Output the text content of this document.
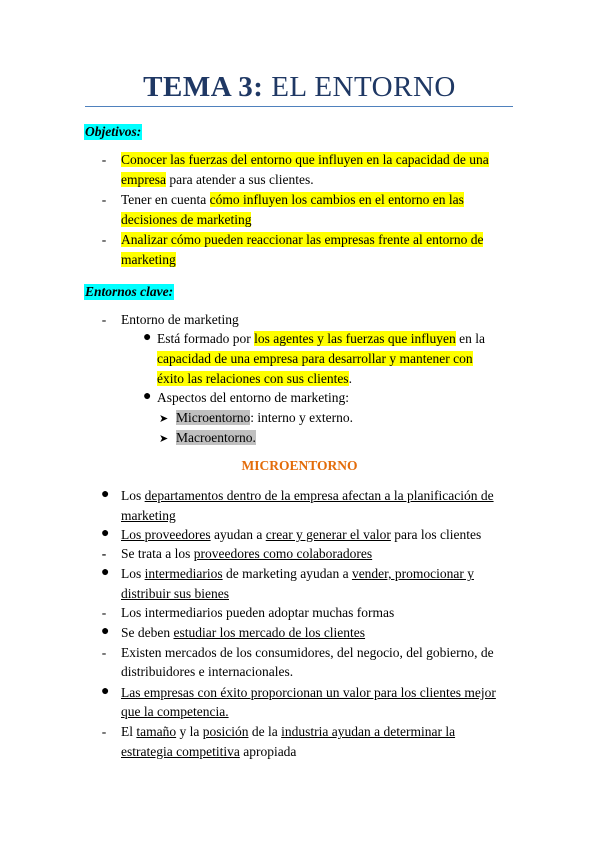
TEMA 3: EL ENTORNO
Objetivos:
- Conocer las fuerzas del entorno que influyen en la capacidad de una
empresa para atender a sus clientes.
- Tener en cuenta cómo influyen los cambios en el entorno en las
decisiones de marketing
- Analizar cómo pueden reaccionar las empresas frente al entorno de
marketing
Entornos clave:
- Entorno de marketing
● Está formado por los agentes y las fuerzas que influyen en la
capacidad de una empresa para desarrollar y mantener con
éxito las relaciones con sus clientes.
● Aspectos del entorno de marketing:
➤ Microentorno: interno y externo.
➤ Macroentorno.
MICROENTORNO
● Los departamentos dentro de la empresa afectan a la planificación de
marketing
● Los proveedores ayudan a crear y generar el valor para los clientes
- Se trata a los proveedores como colaboradores
● Los intermediarios de marketing ayudan a vender, promocionar y
distribuir sus bienes
- Los intermediarios pueden adoptar muchas formas
● Se deben estudiar los mercado de los clientes
- Existen mercados de los consumidores, del negocio, del gobierno, de
distribuidores e internacionales.
● Las empresas con éxito proporcionan un valor para los clientes mejor
que la competencia.
- El tamaño y la posición de la industria ayudan a determinar la
estrategia competitiva apropiada
